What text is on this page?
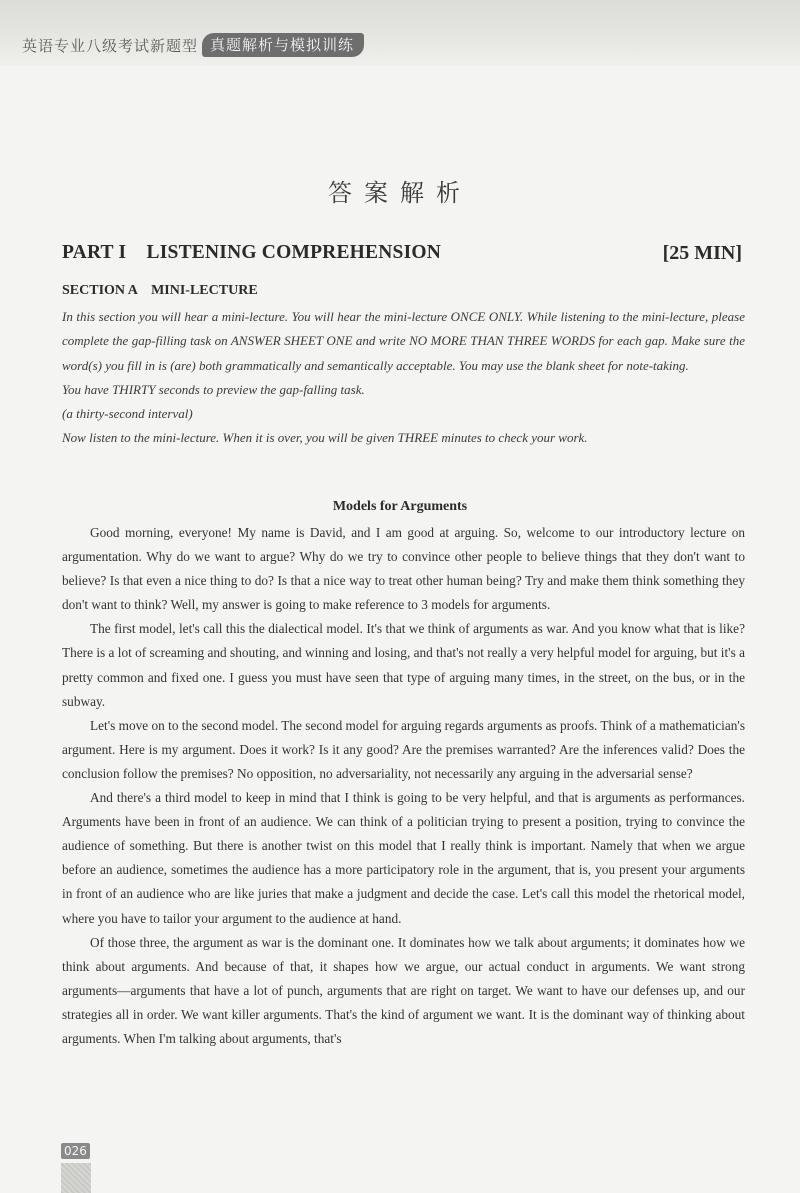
英语专业八级考试新题型 真题解析与模拟训练
答案解析
PART I    LISTENING COMPREHENSION	[25 MIN]
SECTION A    MINI-LECTURE

In this section you will hear a mini-lecture. You will hear the mini-lecture ONCE ONLY. While listening to the mini-lecture, please complete the gap-filling task on ANSWER SHEET ONE and write NO MORE THAN THREE WORDS for each gap. Make sure the word(s) you fill in is (are) both grammatically and semantically acceptable. You may use the blank sheet for note-taking.

You have THIRTY seconds to preview the gap-falling task.

(a thirty-second interval)

Now listen to the mini-lecture. When it is over, you will be given THREE minutes to check your work.

Models for Arguments

Good morning, everyone! My name is David, and I am good at arguing. So, welcome to our introductory lecture on argumentation. Why do we want to argue? Why do we try to convince other people to believe things that they don't want to believe? Is that even a nice thing to do? Is that a nice way to treat other human being? Try and make them think something they don't want to think? Well, my answer is going to make reference to 3 models for arguments.

The first model, let's call this the dialectical model. It's that we think of arguments as war. And you know what that is like? There is a lot of screaming and shouting, and winning and losing, and that's not really a very helpful model for arguing, but it's a pretty common and fixed one. I guess you must have seen that type of arguing many times, in the street, on the bus, or in the subway.

Let's move on to the second model. The second model for arguing regards arguments as proofs. Think of a mathematician's argument. Here is my argument. Does it work? Is it any good? Are the premises warranted? Are the inferences valid? Does the conclusion follow the premises? No opposition, no adversariality, not necessarily any arguing in the adversarial sense?

And there's a third model to keep in mind that I think is going to be very helpful, and that is arguments as performances. Arguments have been in front of an audience. We can think of a politician trying to present a position, trying to convince the audience of something. But there is another twist on this model that I really think is important. Namely that when we argue before an audience, sometimes the audience has a more participatory role in the argument, that is, you present your arguments in front of an audience who are like juries that make a judgment and decide the case. Let's call this model the rhetorical model, where you have to tailor your argument to the audience at hand.

Of those three, the argument as war is the dominant one. It dominates how we talk about arguments; it dominates how we think about arguments. And because of that, it shapes how we argue, our actual conduct in arguments. We want strong arguments—arguments that have a lot of punch, arguments that are right on target. We want to have our defenses up, and our strategies all in order. We want killer arguments. That's the kind of argument we want. It is the dominant way of thinking about arguments. When I'm talking about arguments, that's

026
